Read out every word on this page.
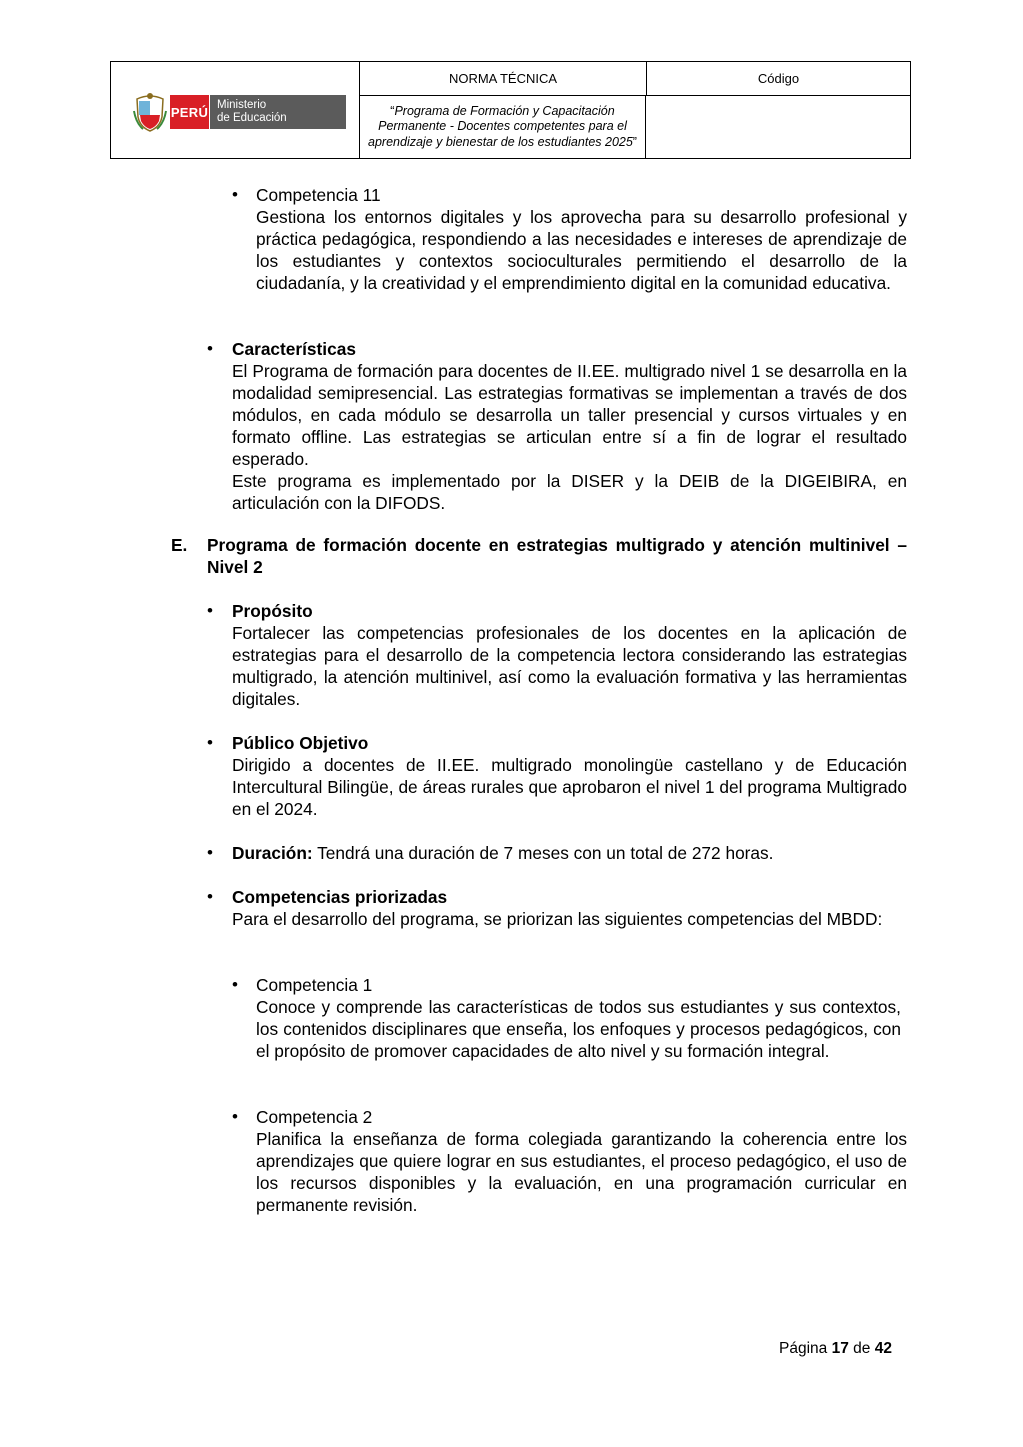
PERÚ Ministerio
de Educación
NORMA TÉCNICA	Código
“Programa de Formación y Capacitación Permanente - Docentes competentes para el aprendizaje y bienestar de los estudiantes 2025”
• Competencia 11

Gestiona los entornos digitales y los aprovecha para su desarrollo profesional y práctica pedagógica, respondiendo a las necesidades e intereses de aprendizaje de los estudiantes y contextos socioculturales permitiendo el desarrollo de la ciudadanía, y la creatividad y el emprendimiento digital en la comunidad educativa.

• Características

El Programa de formación para docentes de II.EE. multigrado nivel 1 se desarrolla en la modalidad semipresencial. Las estrategias formativas se implementan a través de dos módulos, en cada módulo se desarrolla un taller presencial y cursos virtuales y en formato offline. Las estrategias se articulan entre sí a fin de lograr el resultado esperado.

Este programa es implementado por la DISER y la DEIB de la DIGEIBIRA, en articulación con la DIFODS.

E. Programa de formación docente en estrategias multigrado y atención multinivel – Nivel 2

• Propósito

Fortalecer las competencias profesionales de los docentes en la aplicación de estrategias para el desarrollo de la competencia lectora considerando las estrategias multigrado, la atención multinivel, así como la evaluación formativa y las herramientas digitales.

• Público Objetivo

Dirigido a docentes de II.EE. multigrado monolingüe castellano y de Educación Intercultural Bilingüe, de áreas rurales que aprobaron el nivel 1 del programa Multigrado en el 2024.

• Duración: Tendrá una duración de 7 meses con un total de 272 horas.

• Competencias priorizadas

Para el desarrollo del programa, se priorizan las siguientes competencias del MBDD:

• Competencia 1

Conoce y comprende las características de todos sus estudiantes y sus contextos, los contenidos disciplinares que enseña, los enfoques y procesos pedagógicos, con el propósito de promover capacidades de alto nivel y su formación integral.

• Competencia 2

Planifica la enseñanza de forma colegiada garantizando la coherencia entre los aprendizajes que quiere lograr en sus estudiantes, el proceso pedagógico, el uso de los recursos disponibles y la evaluación, en una programación curricular en permanente revisión.

Página 17 de 42
